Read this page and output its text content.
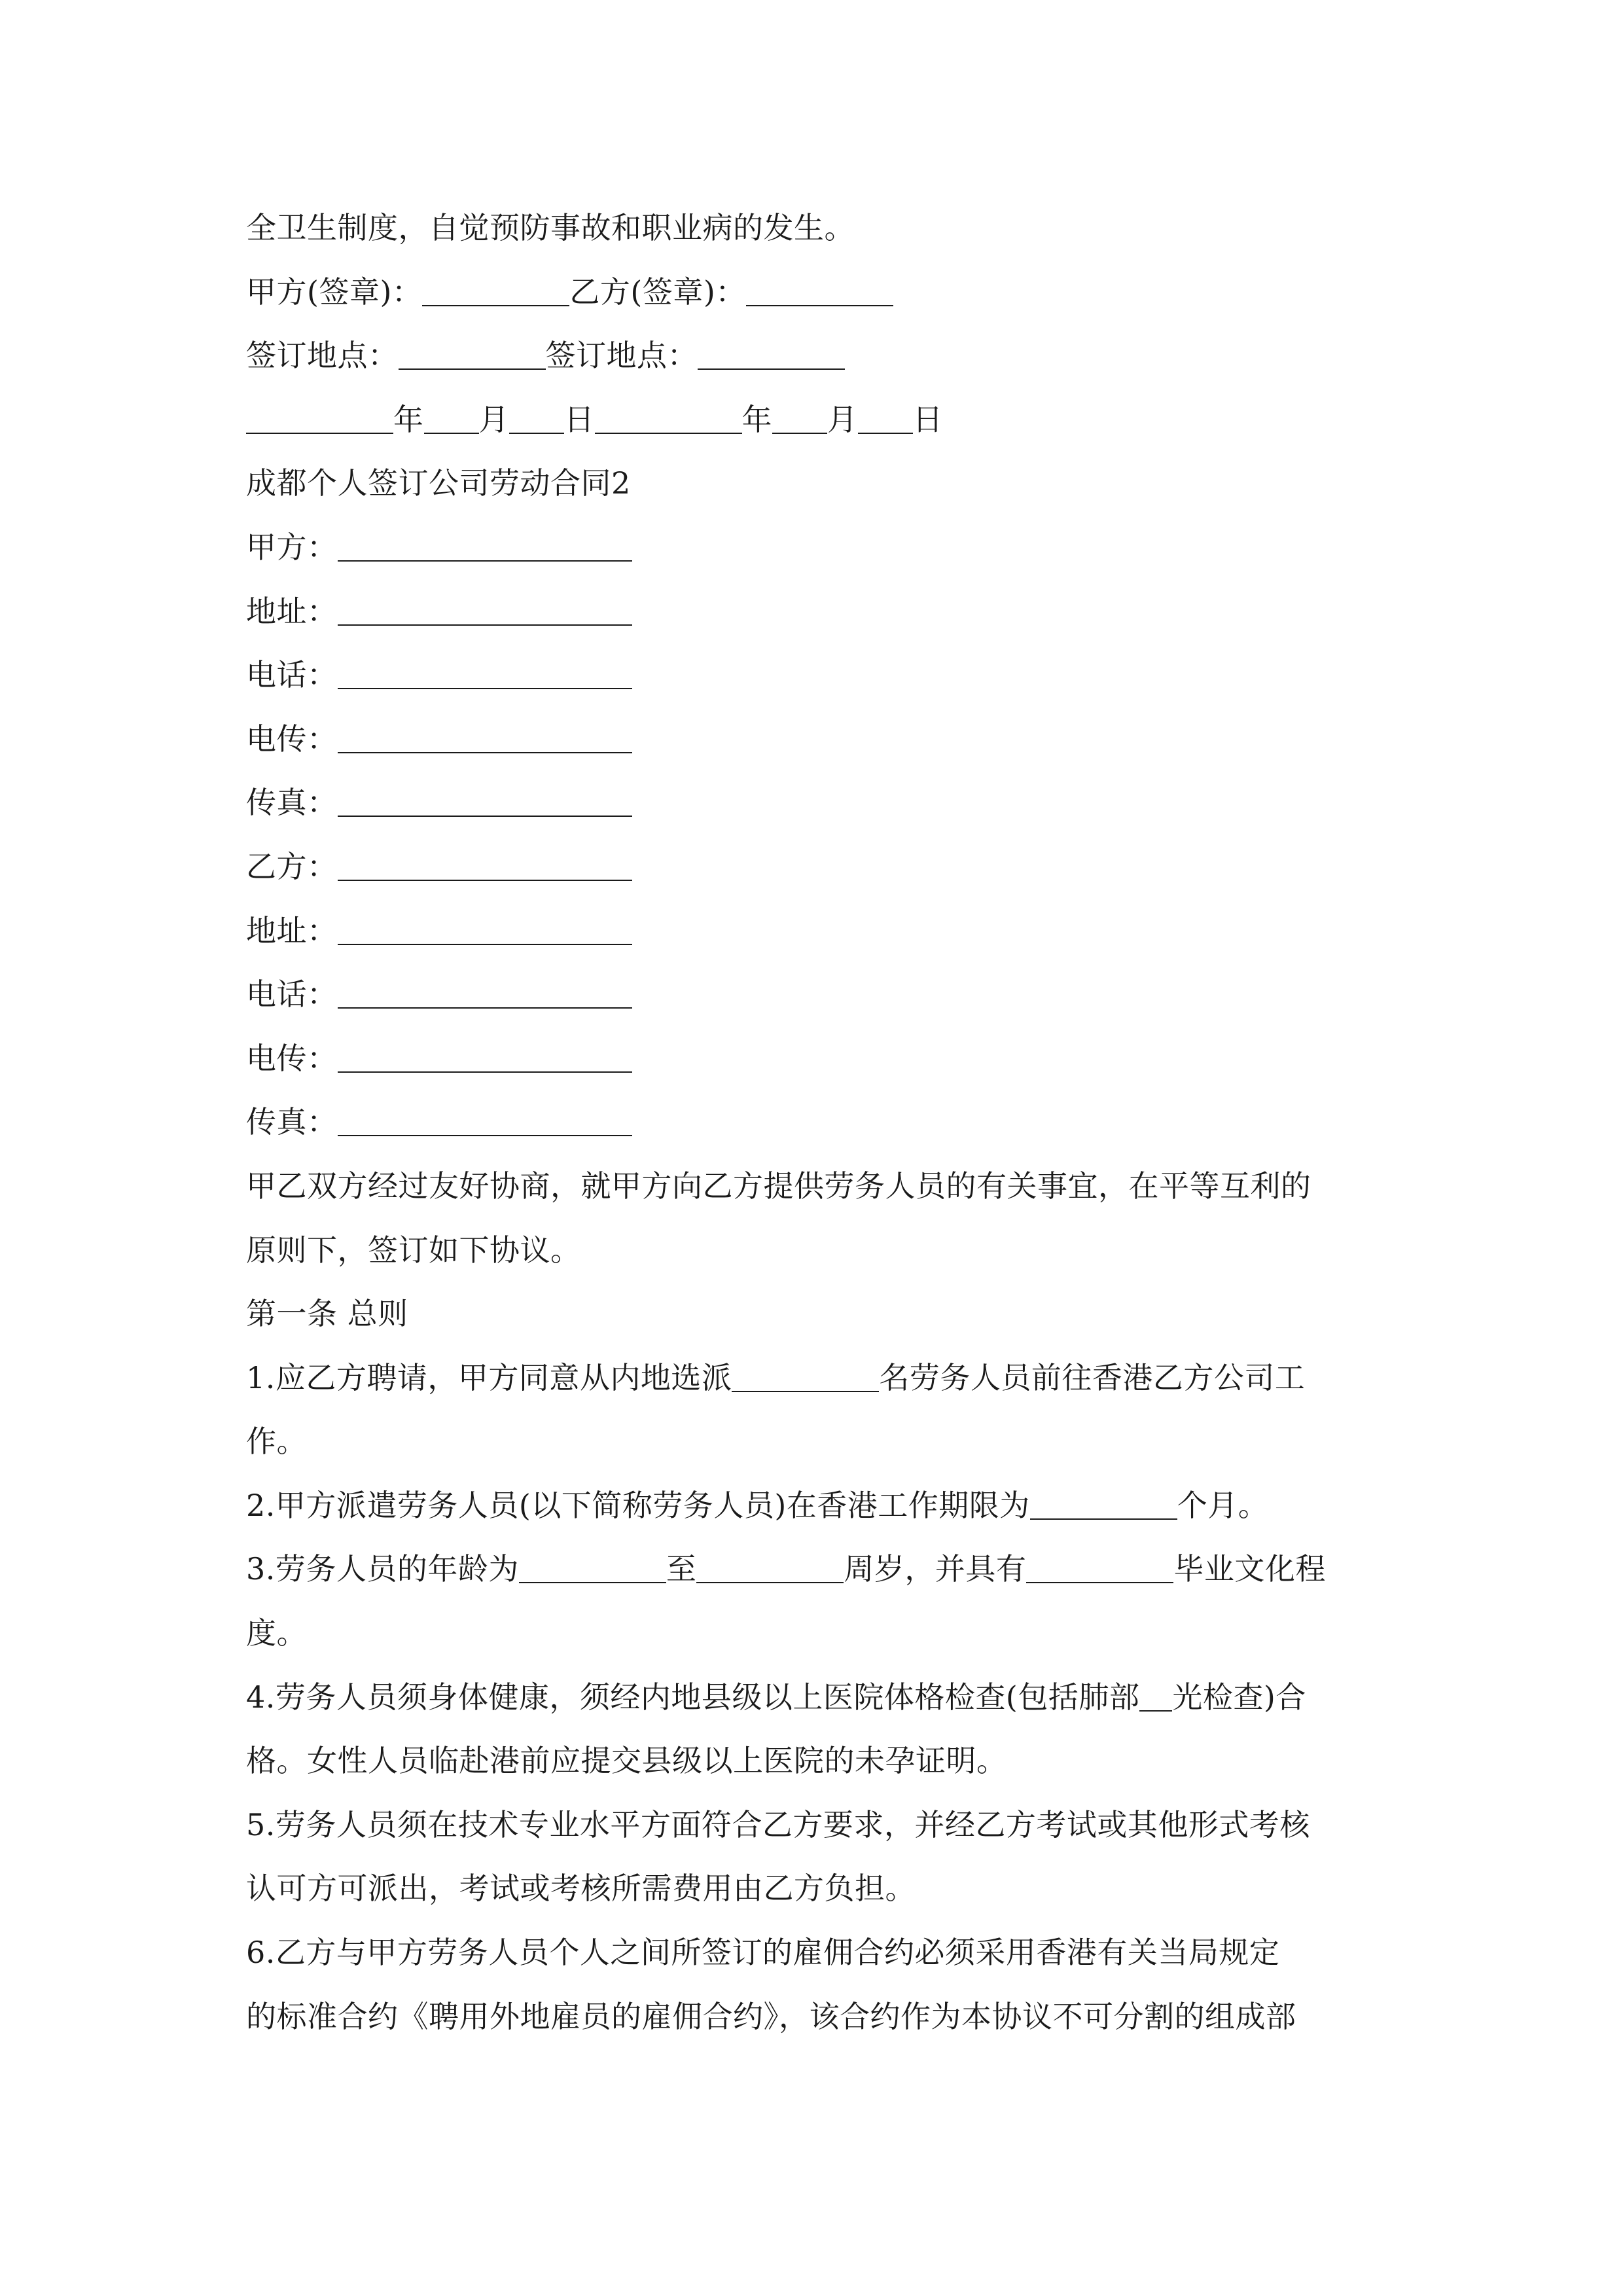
全卫生制度，自觉预防事故和职业病的发生。
甲方(签章)：	乙方(签章)：
签订地点：	签订地点：
年 月 日	年 月 日
成都个人签订公司劳动合同2
甲方：
地址：
电话：
电传：
传真：
乙方：
地址：
电话：
电传：
传真：
甲乙双方经过友好协商，就甲方向乙方提供劳务人员的有关事宜，在平等互利的
原则下，签订如下协议。
第一条 总则
1.应乙方聘请，甲方同意从内地选派	名劳务人员前往香港乙方公司工
作。
2.甲方派遣劳务人员(以下简称劳务人员)在香港工作期限为	个月。
3.劳务人员的年龄为	至	周岁，并具有	毕业文化程
度。
4.劳务人员须身体健康，须经内地县级以上医院体格检查(包括肺部 光检查)合
格。女性人员临赴港前应提交县级以上医院的未孕证明。
5.劳务人员须在技术专业水平方面符合乙方要求，并经乙方考试或其他形式考核
认可方可派出，考试或考核所需费用由乙方负担。
6.乙方与甲方劳务人员个人之间所签订的雇佣合约必须采用香港有关当局规定
的标准合约《聘用外地雇员的雇佣合约》，该合约作为本协议不可分割的组成部
